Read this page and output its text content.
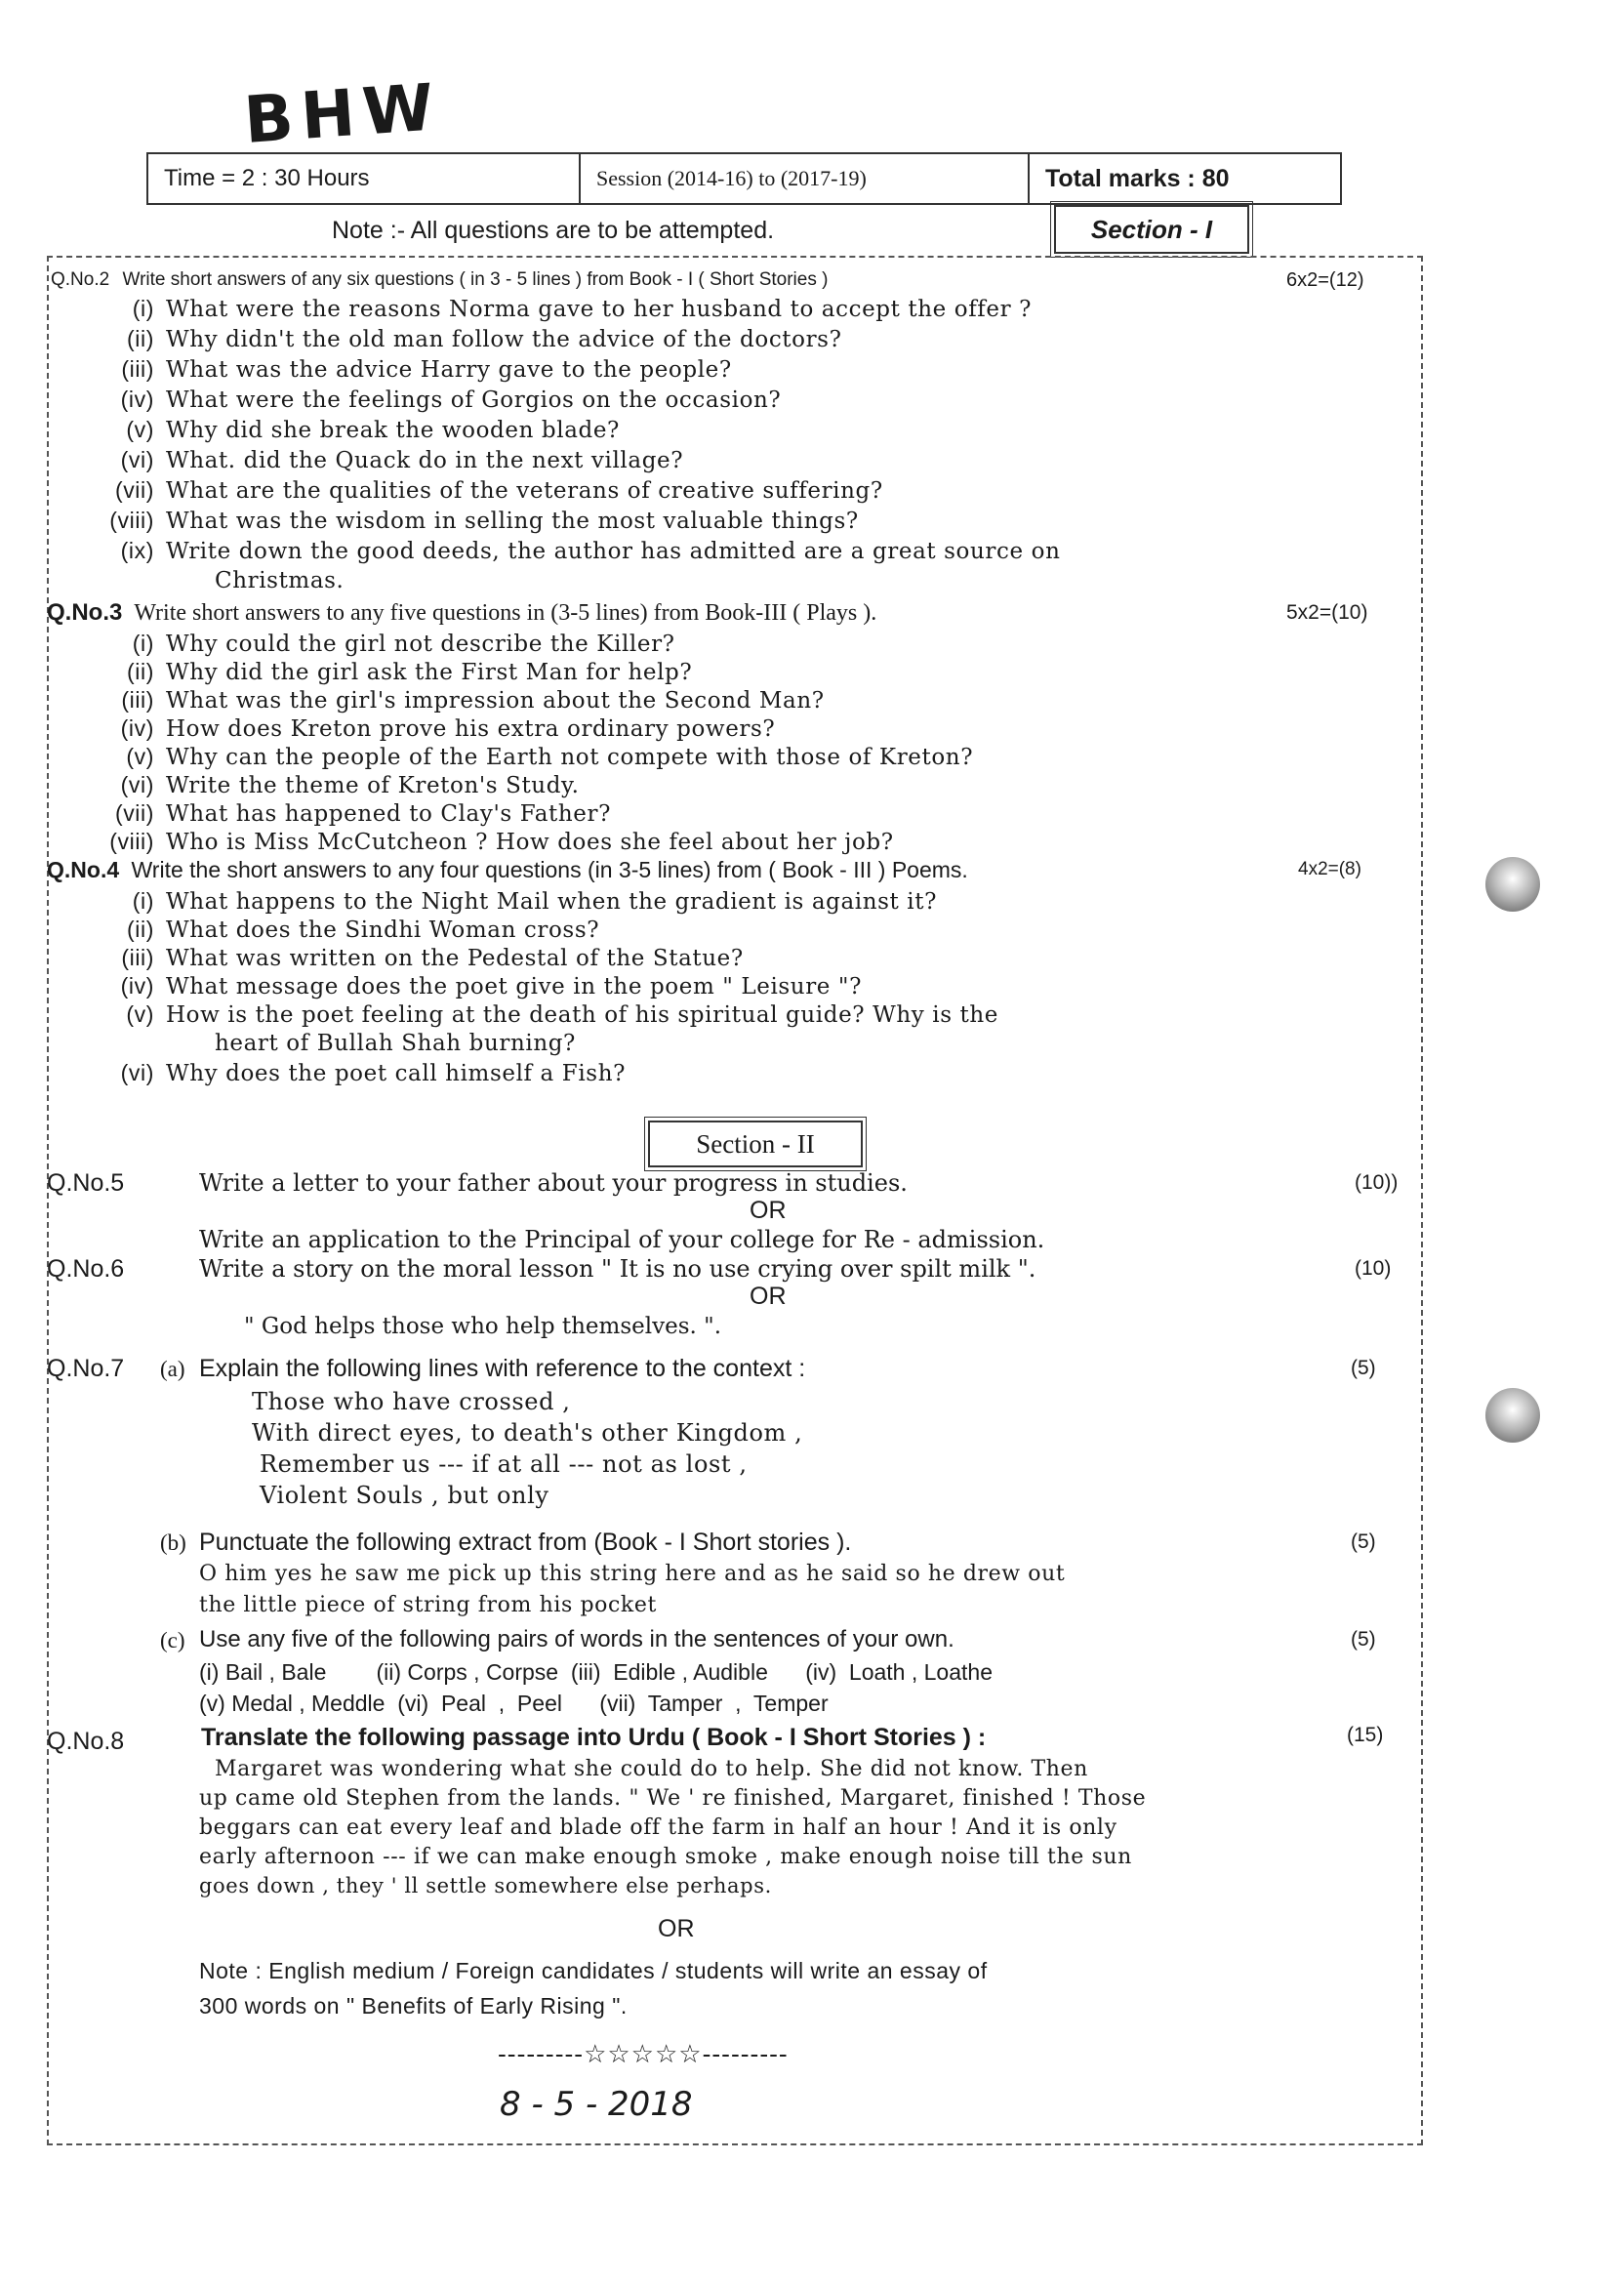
BHW
Time = 2 : 30 Hours	Session (2014-16) to (2017-19)	Total marks : 80
Note :- All questions are to be attempted.	Section - I
Q.No.2 Write short answers of any six questions ( in 3 - 5 lines ) from Book - I ( Short Stories )	6x2=(12)
(i) What were the reasons Norma gave to her husband to accept the offer ?
(ii) Why didn't the old man follow the advice of the doctors?
(iii) What was the advice Harry gave to the people?
(iv) What were the feelings of Gorgios on the occasion?
(v) Why did she break the wooden blade?
(vi) What. did the Quack do in the next village?
(vii) What are the qualities of the veterans of creative suffering?
(viii) What was the wisdom in selling the most valuable things?
(ix) Write down the good deeds, the author has admitted are a great source on
Christmas.
Q.No.3 Write short answers to any five questions in (3-5 lines) from Book-III ( Plays ).	5x2=(10)
(i) Why could the girl not describe the Killer?
(ii) Why did the girl ask the First Man for help?
(iii) What was the girl's impression about the Second Man?
(iv) How does Kreton prove his extra ordinary powers?
(v) Why can the people of the Earth not compete with those of Kreton?
(vi) Write the theme of Kreton's Study.
(vii) What has happened to Clay's Father?
(viii) Who is Miss McCutcheon ? How does she feel about her job?
Q.No.4 Write the short answers to any four questions (in 3-5 lines) from ( Book - III ) Poems.	4x2=(8)
(i) What happens to the Night Mail when the gradient is against it?
(ii) What does the Sindhi Woman cross?
(iii) What was written on the Pedestal of the Statue?
(iv) What message does the poet give in the poem " Leisure "?
(v) How is the poet feeling at the death of his spiritual guide? Why is the
heart of Bullah Shah burning?
(vi) Why does the poet call himself a Fish?
Section - II
Q.No.5	Write a letter to your father about your progress in studies.	(10))
OR
Write an application to the Principal of your college for Re - admission.
Q.No.6	Write a story on the moral lesson " It is no use crying over spilt milk ".	(10)
OR
" God helps those who help themselves. ".
Q.No.7 (a) Explain the following lines with reference to the context :	(5)
Those who have crossed ,
With direct eyes, to death's other Kingdom ,
Remember us --- if at all --- not as lost ,
Violent Souls , but only
(b) Punctuate the following extract from (Book - I Short stories ).	(5)
O him yes he saw me pick up this string here and as he said so he drew out
the little piece of string from his pocket
(c) Use any five of the following pairs of words in the sentences of your own.	(5)
(i) Bail , Bale        (ii) Corps , Corpse  (iii)  Edible , Audible      (iv)  Loath , Loathe
(v) Medal , Meddle  (vi)  Peal  ,  Peel      (vii)  Tamper  ,  Temper
Q.No.8	Translate the following passage into Urdu ( Book - I Short Stories ) :	(15)
Margaret was wondering what she could do to help. She did not know. Then
up came old Stephen from the lands. " We ' re finished, Margaret, finished ! Those
beggars can eat every leaf and blade off the farm in half an hour ! And it is only
early afternoon --- if we can make enough smoke , make enough noise till the sun
goes down , they ' ll settle somewhere else perhaps.
OR
Note : English medium / Foreign candidates / students will write an essay of
300 words on " Benefits of Early Rising ".
---------☆☆☆☆☆---------
8 - 5 - 2018
